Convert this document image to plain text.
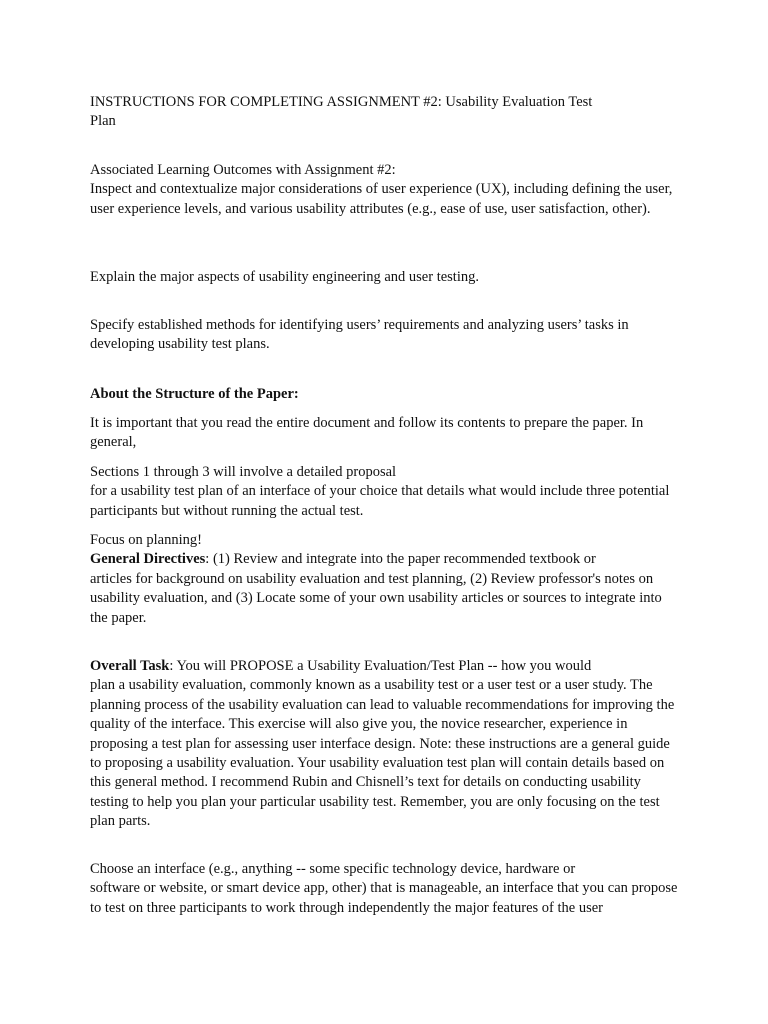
INSTRUCTIONS FOR COMPLETING ASSIGNMENT #2: Usability Evaluation Test
Plan

Associated Learning Outcomes with Assignment #2:
Inspect and contextualize major considerations of user experience (UX), including defining the user, user experience levels, and various usability attributes (e.g., ease of use, user satisfaction, other).

Explain the major aspects of usability engineering and user testing.

Specify established methods for identifying users’ requirements and analyzing users’ tasks in developing usability test plans.

About the Structure of the Paper:

It is important that you read the entire document and follow its contents to prepare the paper. In general,

Sections 1 through 3 will involve a detailed proposal
for a usability test plan of an interface of your choice that details what would include three potential participants but without running the actual test.

Focus on planning!
General Directives: (1) Review and integrate into the paper recommended textbook or
articles for background on usability evaluation and test planning, (2) Review professor's notes on usability evaluation, and (3) Locate some of your own usability articles or sources to integrate into the paper.

Overall Task: You will PROPOSE a Usability Evaluation/Test Plan -- how you would
plan a usability evaluation, commonly known as a usability test or a user test or a user study. The planning process of the usability evaluation can lead to valuable recommendations for improving the quality of the interface. This exercise will also give you, the novice researcher, experience in proposing a test plan for assessing user interface design. Note: these instructions are a general guide to proposing a usability evaluation. Your usability evaluation test plan will contain details based on this general method. I recommend Rubin and Chisnell’s text for details on conducting usability testing to help you plan your particular usability test. Remember, you are only focusing on the test plan parts.

Choose an interface (e.g., anything -- some specific technology device, hardware or
software or website, or smart device app, other) that is manageable, an interface that you can propose to test on three participants to work through independently the major features of the user
